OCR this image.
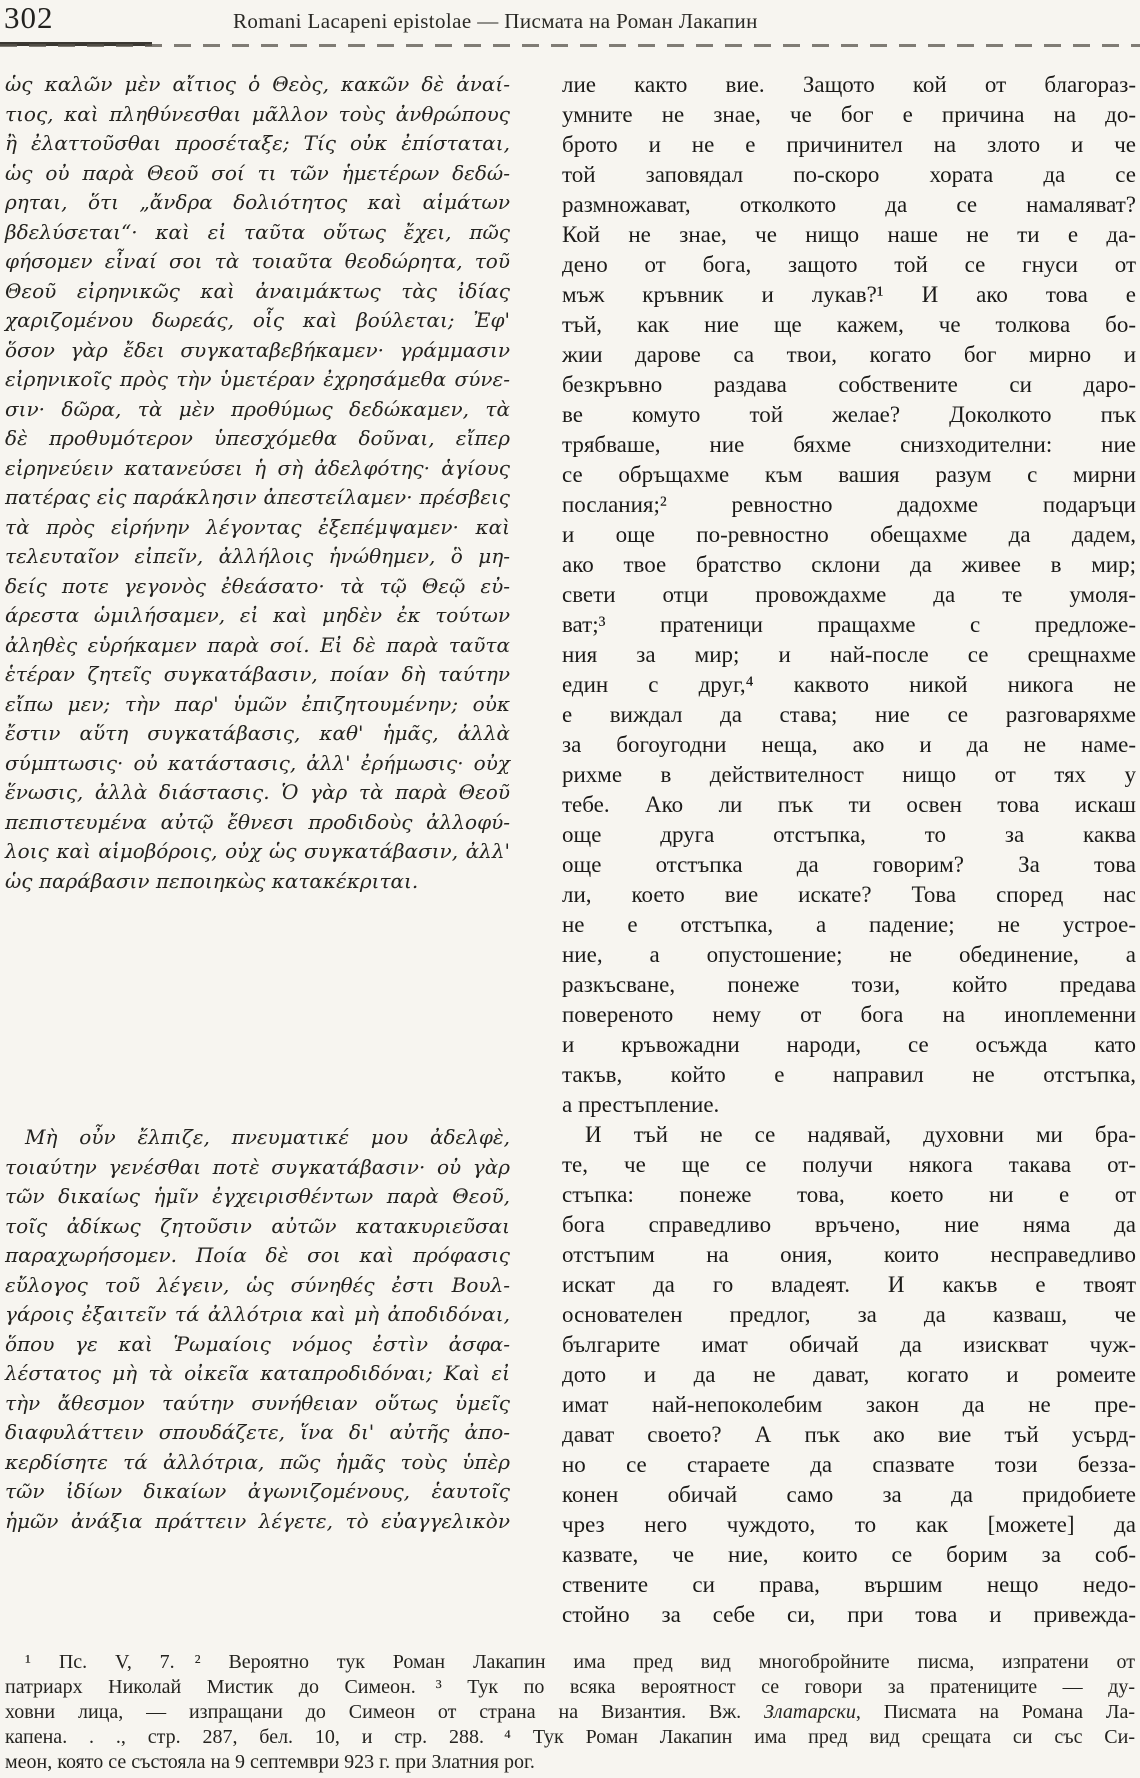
302	Romani Lacapeni epistolae — Писмата на Роман Лакапин
ὡς καλῶν μὲν αἴτιος ὁ Θεὸς, κακῶν δὲ ἀναί-
τιος, καὶ πληθύνεσθαι μᾶλλον τοὺς ἀνθρώπους
ἢ ἐλαττοῦσθαι προσέταξε; Τίς οὐκ ἐπίσταται,
ὡς οὐ παρὰ Θεοῦ σοί τι τῶν ἡμετέρων δεδώ-
ρηται, ὅτι „ἄνδρα δολιότητος καὶ αἱμάτων
βδελύσεται“· καὶ εἰ ταῦτα οὕτως ἔχει, πῶς
φήσομεν εἶναί σοι τὰ τοιαῦτα θεοδώρητα, τοῦ
Θεοῦ εἰρηνικῶς καὶ ἀναιμάκτως τὰς ἰδίας
χαριζομένου δωρεάς, οἷς καὶ βούλεται; Ἐφ'
ὅσον γὰρ ἔδει συγκαταβεβήκαμεν· γράμμασιν
εἰρηνικοῖς πρὸς τὴν ὑμετέραν ἐχρησάμεθα σύνε-
σιν· δῶρα, τὰ μὲν προθύμως δεδώκαμεν, τὰ
δὲ προθυμότερον ὑπεσχόμεθα δοῦναι, εἴπερ
εἰρηνεύειν κατανεύσει ἡ σὴ ἀδελφότης· ἁγίους
πατέρας εἰς παράκλησιν ἀπεστείλαμεν· πρέσβεις
τὰ πρὸς εἰρήνην λέγοντας ἐξεπέμψαμεν· καὶ
τελευταῖον εἰπεῖν, ἀλλήλοις ἡνώθημεν, ὃ μη-
δείς ποτε γεγονὸς ἐθεάσατο· τὰ τῷ Θεῷ εὐ-
άρεστα ὡμιλήσαμεν, εἰ καὶ μηδὲν ἐκ τούτων
ἀληθὲς εὑρήκαμεν παρὰ σοί. Εἰ δὲ παρὰ ταῦτα
ἑτέραν ζητεῖς συγκατάβασιν, ποίαν δὴ ταύτην
εἴπω μεν; τὴν παρ' ὑμῶν ἐπιζητουμένην; οὐκ
ἔστιν αὕτη συγκατάβασις, καθ' ἡμᾶς, ἀλλὰ
σύμπτωσις· οὐ κατάστασις, ἀλλ' ἐρήμωσις· οὐχ
ἕνωσις, ἀλλὰ διάστασις. Ὁ γὰρ τὰ παρὰ Θεοῦ
πεπιστευμένα αὐτῷ ἔθνεσι προδιδοὺς ἀλλοφύ-
λοις καὶ αἱμοβόροις, οὐχ ὡς συγκατάβασιν, ἀλλ'
ὡς παράβασιν πεποιηκὼς κατακέκριται.
 Μὴ οὖν ἔλπιζε, πνευματικέ μου ἀδελφὲ,
τοιαύτην γενέσθαι ποτὲ συγκατάβασιν· οὐ γὰρ
τῶν δικαίως ἡμῖν ἐγχειρισθέντων παρὰ Θεοῦ,
τοῖς ἀδίκως ζητοῦσιν αὐτῶν κατακυριεῦσαι
παραχωρήσομεν. Ποία δὲ σοι καὶ πρόφασις
εὔλογος τοῦ λέγειν, ὡς σύνηθές ἐστι Βουλ-
γάροις ἐξαιτεῖν τά ἀλλότρια καὶ μὴ ἀποδιδόναι,
ὅπου γε καὶ Ῥωμαίοις νόμος ἐστὶν ἀσφα-
λέστατος μὴ τὰ οἰκεῖα καταπροδιδόναι; Καὶ εἰ
τὴν ἄθεσμον ταύτην συνήθειαν οὕτως ὑμεῖς
διαφυλάττειν σπουδάζετε, ἵνα δι' αὐτῆς ἀπο-
κερδίσητε τά ἀλλότρια, πῶς ἡμᾶς τοὺς ὑπὲρ
τῶν ἰδίων δικαίων ἀγωνιζομένους, ἑαυτοῖς
ἡμῶν ἀνάξια πράττειν λέγετε, τὸ εὐαγγελικὸν
лие както вие. Защото кой от благораз-
умните не знае, че бог е причина на до-
брото и не е причинител на злото и че
той заповядал по-скоро хората да се
размножават, отколкото да се намаляват?
Кой не знае, че нищо наше не ти е да-
дено от бога, защото той се гнуси от
мъж кръвник и лукав?¹ И ако това е
тъй, как ние ще кажем, че толкова бо-
жии дарове са твои, когато бог мирно и
безкръвно раздава собствените си даро-
ве комуто той желае? Доколкото пък
трябваше, ние бяхме снизходителни: ние
се обръщахме към вашия разум с мирни
послания;² ревностно дадохме подаръци
и още по-ревностно обещахме да дадем,
ако твое братство склони да живее в мир;
свети отци провождахме да те умоля-
ват;³ пратеници пращахме с предложе-
ния за мир; и най-после се срещнахме
един с друг,⁴ каквото никой никога не
е виждал да става; ние се разговаряхме
за богоугодни неща, ако и да не наме-
рихме в действителност нищо от тях у
тебе. Ако ли пък ти освен това искаш
още друга отстъпка, то за каква
още отстъпка да говорим? За това
ли, което вие искате? Това според нас
не е отстъпка, а падение; не устрое-
ние, а опустошение; не обединение, а
разкъсване, понеже този, който предава
повереното нему от бога на иноплеменни
и кръвожадни народи, се осъжда като
такъв, който е направил не отстъпка,
а престъпление.
 И тъй не се надявай, духовни ми бра-
те, че ще се получи някога такава от-
стъпка: понеже това, което ни е от
бога справедливо връчено, ние няма да
отстъпим на ония, които несправедливо
искат да го владеят. И какъв е твоят
основателен предлог, за да казваш, че
българите имат обичай да изискват чуж-
дото и да не дават, когато и ромеите
имат най-непоколебим закон да не пре-
дават своето? А пък ако вие тъй усърд-
но се стараете да спазвате този безза-
конен обичай само за да придобиете
чрез него чуждото, то как [можете] да
казвате, че ние, които се борим за соб-
ствените си права, вършим нещо недо-
стойно за себе си, при това и привежда-
 ¹ Пс. V, 7.  ² Вероятно тук Роман Лакапин има пред вид многобройните писма, изпратени от
патриарх Николай Мистик до Симеон.  ³ Тук по всяка вероятност се говори за пратениците — ду-
ховни лица, — изпращани до Симеон от страна на Византия. Вж. Златарски, Писмата на Романа Ла-
капена. . ., стр. 287, бел. 10, и стр. 288.  ⁴ Тук Роман Лакапин има пред вид срещата си със Си-
меон, която се състояла на 9 септември 923 г. при Златния рог.
